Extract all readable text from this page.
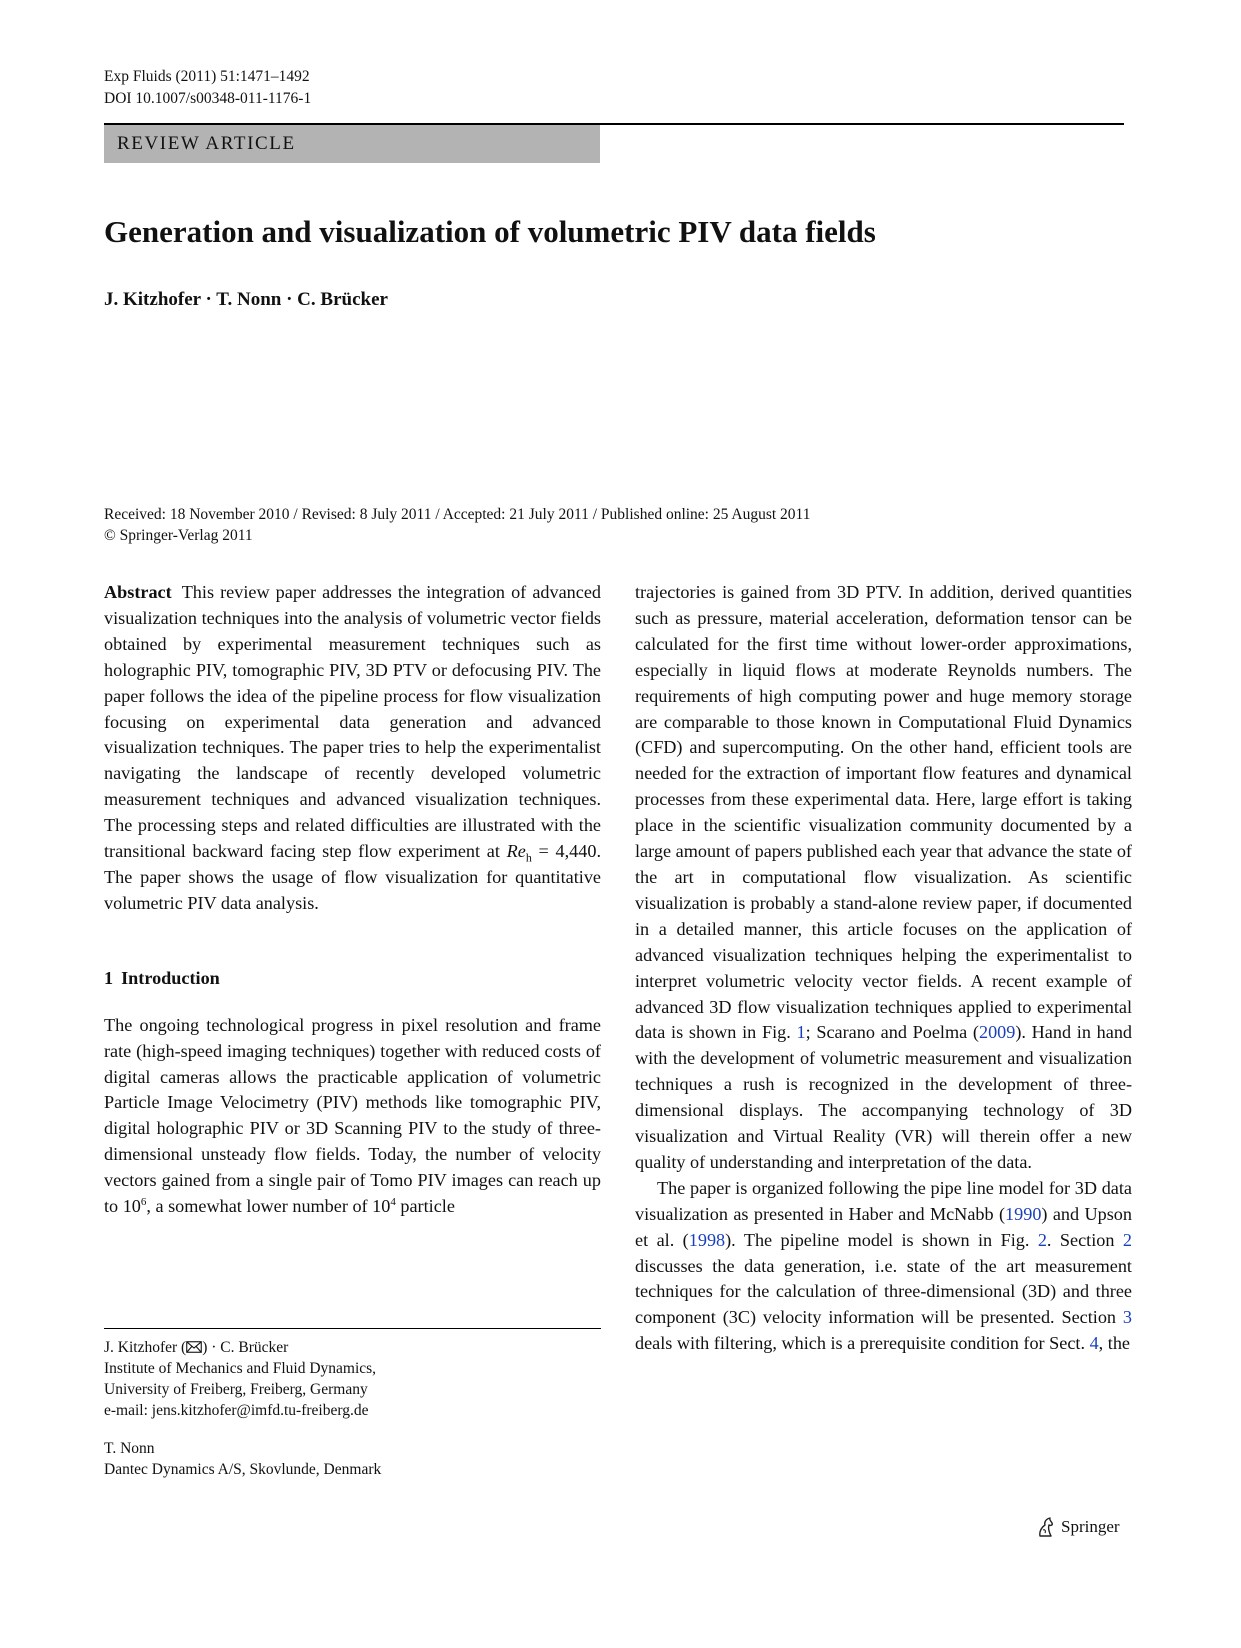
Exp Fluids (2011) 51:1471–1492
DOI 10.1007/s00348-011-1176-1
REVIEW ARTICLE
Generation and visualization of volumetric PIV data fields
J. Kitzhofer · T. Nonn · C. Brücker
Received: 18 November 2010 / Revised: 8 July 2011 / Accepted: 21 July 2011 / Published online: 25 August 2011
© Springer-Verlag 2011

Abstract This review paper addresses the integration of advanced visualization techniques into the analysis of volumetric vector fields obtained by experimental measurement techniques such as holographic PIV, tomographic PIV, 3D PTV or defocusing PIV. The paper follows the idea of the pipeline process for flow visualization focusing on experimental data generation and advanced visualization techniques. The paper tries to help the experimentalist navigating the landscape of recently developed volumetric measurement techniques and advanced visualization techniques. The processing steps and related difficulties are illustrated with the transitional backward facing step flow experiment at $Re_h = 4,440$. The paper shows the usage of flow visualization for quantitative volumetric PIV data analysis.

1 Introduction

The ongoing technological progress in pixel resolution and frame rate (high-speed imaging techniques) together with reduced costs of digital cameras allows the practicable application of volumetric Particle Image Velocimetry (PIV) methods like tomographic PIV, digital holographic PIV or 3D Scanning PIV to the study of three-dimensional unsteady flow fields. Today, the number of velocity vectors gained from a single pair of Tomo PIV images can reach up to $10^6$, a somewhat lower number of $10^4$ particle

trajectories is gained from 3D PTV. In addition, derived quantities such as pressure, material acceleration, deformation tensor can be calculated for the first time without lower-order approximations, especially in liquid flows at moderate Reynolds numbers. The requirements of high computing power and huge memory storage are comparable to those known in Computational Fluid Dynamics (CFD) and supercomputing. On the other hand, efficient tools are needed for the extraction of important flow features and dynamical processes from these experimental data. Here, large effort is taking place in the scientific visualization community documented by a large amount of papers published each year that advance the state of the art in computational flow visualization. As scientific visualization is probably a stand-alone review paper, if documented in a detailed manner, this article focuses on the application of advanced visualization techniques helping the experimentalist to interpret volumetric velocity vector fields. A recent example of advanced 3D flow visualization techniques applied to experimental data is shown in Fig. 1; Scarano and Poelma (2009). Hand in hand with the development of volumetric measurement and visualization techniques a rush is recognized in the development of three-dimensional displays. The accompanying technology of 3D visualization and Virtual Reality (VR) will therein offer a new quality of understanding and interpretation of the data.

The paper is organized following the pipe line model for 3D data visualization as presented in Haber and McNabb (1990) and Upson et al. (1998). The pipeline model is shown in Fig. 2. Section 2 discusses the data generation, i.e. state of the art measurement techniques for the calculation of three-dimensional (3D) and three component (3C) velocity information will be presented. Section 3 deals with filtering, which is a prerequisite condition for Sect. 4, the

J. Kitzhofer ( ) · C. Brücker

Institute of Mechanics and Fluid Dynamics,

University of Freiberg, Freiberg, Germany

e-mail: jens.kitzhofer@imfd.tu-freiberg.de

T. Nonn

Dantec Dynamics A/S, Skovlunde, Denmark

Springer
